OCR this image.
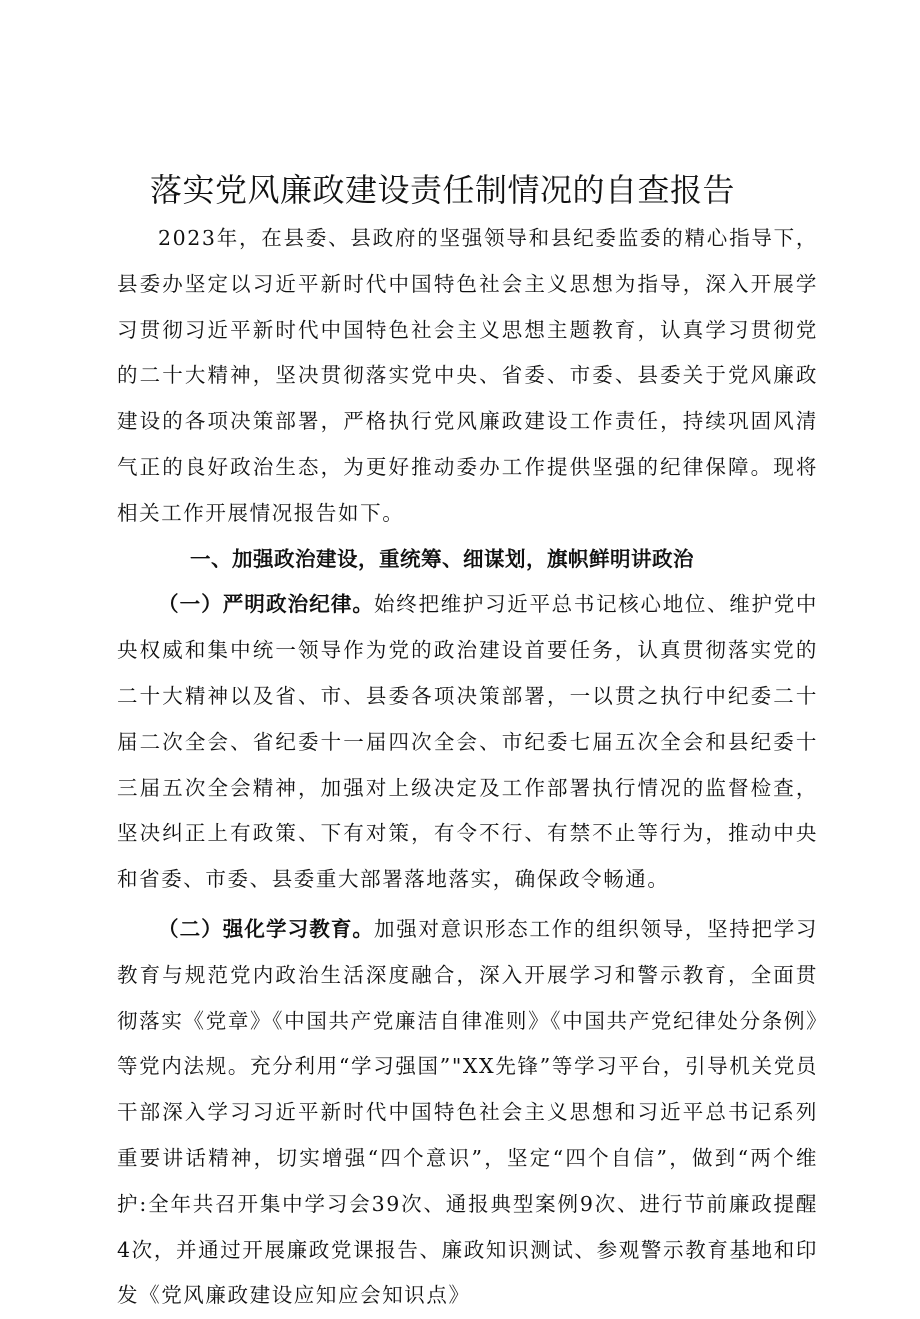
落实党风廉政建设责任制情况的自查报告

2023年，在县委、县政府的坚强领导和县纪委监委的精心指导下，县委办坚定以习近平新时代中国特色社会主义思想为指导，深入开展学习贯彻习近平新时代中国特色社会主义思想主题教育，认真学习贯彻党的二十大精神，坚决贯彻落实党中央、省委、市委、县委关于党风廉政建设的各项决策部署，严格执行党风廉政建设工作责任，持续巩固风清气正的良好政治生态，为更好推动委办工作提供坚强的纪律保障。现将相关工作开展情况报告如下。

一、加强政治建设，重统筹、细谋划，旗帜鲜明讲政治

（一）严明政治纪律。始终把维护习近平总书记核心地位、维护党中央权威和集中统一领导作为党的政治建设首要任务，认真贯彻落实党的二十大精神以及省、市、县委各项决策部署，一以贯之执行中纪委二十届二次全会、省纪委十一届四次全会、市纪委七届五次全会和县纪委十三届五次全会精神，加强对上级决定及工作部署执行情况的监督检查，坚决纠正上有政策、下有对策，有令不行、有禁不止等行为，推动中央和省委、市委、县委重大部署落地落实，确保政令畅通。

（二）强化学习教育。加强对意识形态工作的组织领导，坚持把学习教育与规范党内政治生活深度融合，深入开展学习和警示教育，全面贯彻落实《党章》《中国共产党廉洁自律准则》《中国共产党纪律处分条例》等党内法规。充分利用“学习强国”"XX先锋”等学习平台，引导机关党员干部深入学习习近平新时代中国特色社会主义思想和习近平总书记系列重要讲话精神，切实增强“四个意识”，坚定“四个自信”，做到“两个维护:全年共召开集中学习会39次、通报典型案例9次、进行节前廉政提醒4次，并通过开展廉政党课报告、廉政知识测试、参观警示教育基地和印发《党风廉政建设应知应会知识点》
